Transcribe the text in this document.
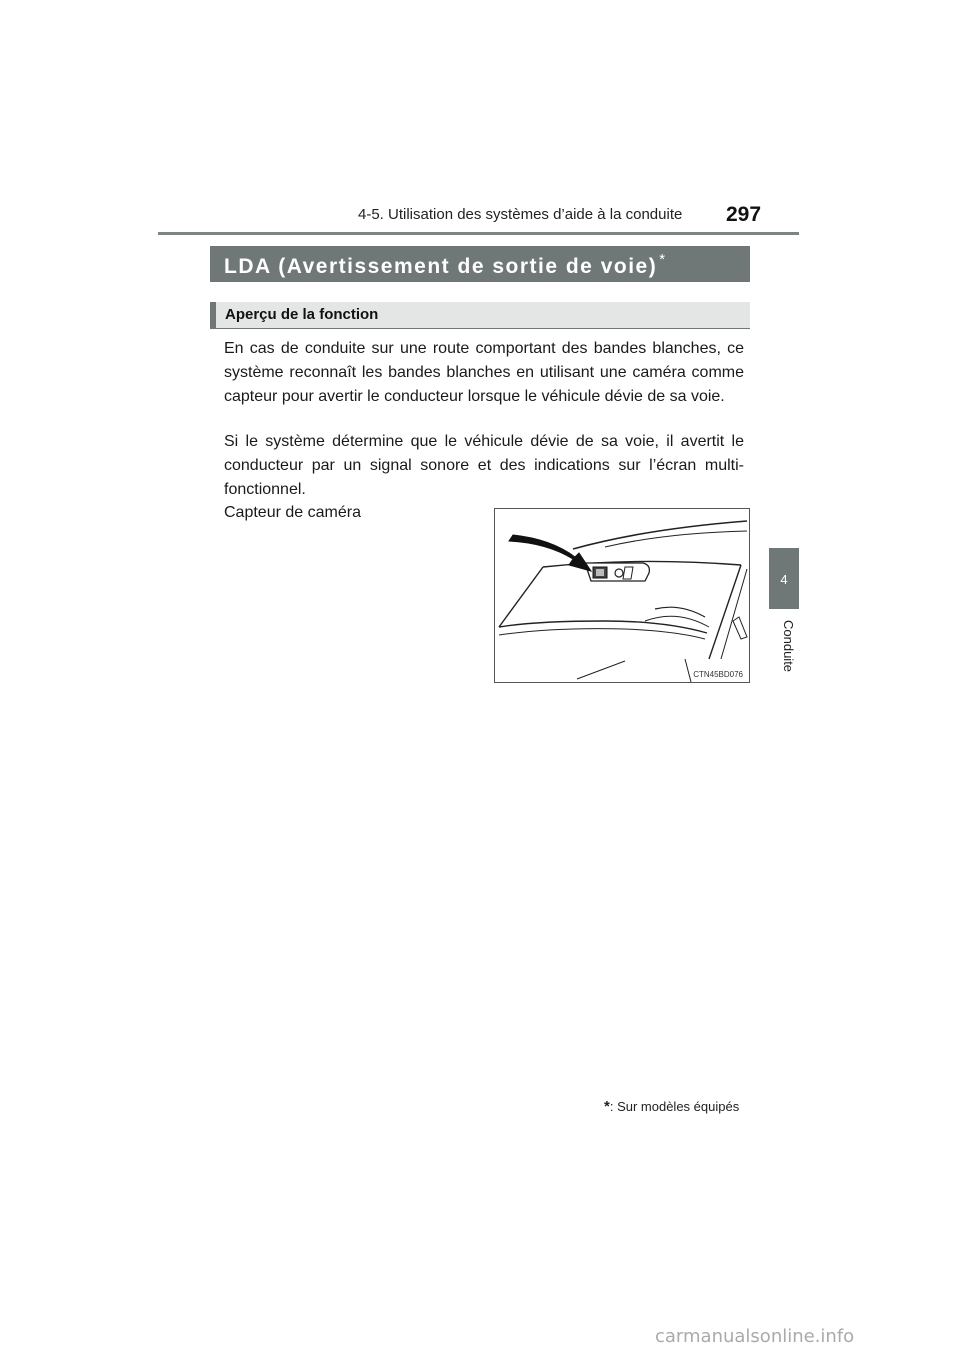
4-5. Utilisation des systèmes d’aide à la conduite 297
LDA (Avertissement de sortie de voie) *
Aperçu de la fonction
En cas de conduite sur une route comportant des bandes blanches, ce système reconnaît les bandes blanches en utilisant une caméra comme capteur pour avertir le conducteur lorsque le véhicule dévie de sa voie.
Si le système détermine que le véhicule dévie de sa voie, il avertit le conducteur par un signal sonore et des indications sur l’écran multi-fonctionnel.
Capteur de caméra
CTN45BD076
4
Conduite
*: Sur modèles équipés
carmanualsonline.info
